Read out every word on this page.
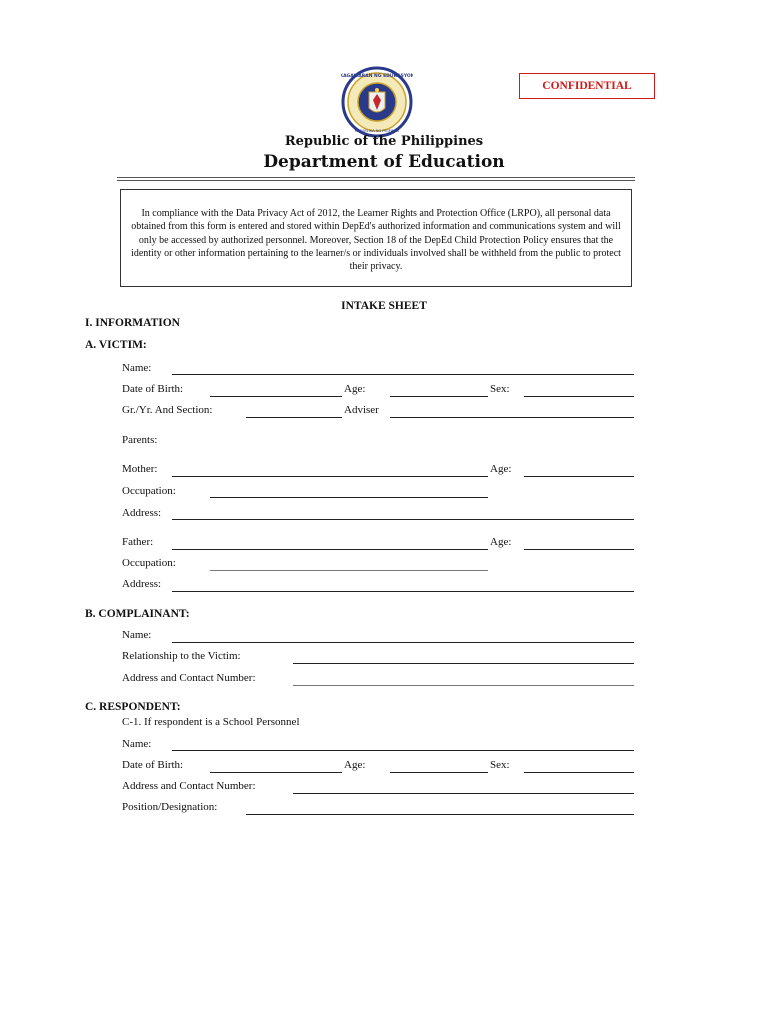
KAGAWARAN NG EDUKASYON
REPUBLIKA NG PILIPINAS
CONFIDENTIAL
Republic of the Philippines
Department of Education
In compliance with the Data Privacy Act of 2012, the Learner Rights and Protection Office (LRPO), all personal data obtained from this form is entered and stored within DepEd's authorized information and communications system and will only be accessed by authorized personnel. Moreover, Section 18 of the DepEd Child Protection Policy ensures that the identity or other information pertaining to the learner/s or individuals involved shall be withheld from the public to protect their privacy.
INTAKE SHEET
I. INFORMATION
A. VICTIM:
Name:
Date of Birth:	Age:	Sex:
Gr./Yr. And Section:	Adviser
Parents:
Mother:	Age:
Occupation:
Address:
Father:	Age:
Occupation:
Address:
B. COMPLAINANT:
Name:
Relationship to the Victim:
Address and Contact Number:
C. RESPONDENT:
C-1. If respondent is a School Personnel
Name:
Date of Birth:	Age:	Sex:
Address and Contact Number:
Position/Designation:
